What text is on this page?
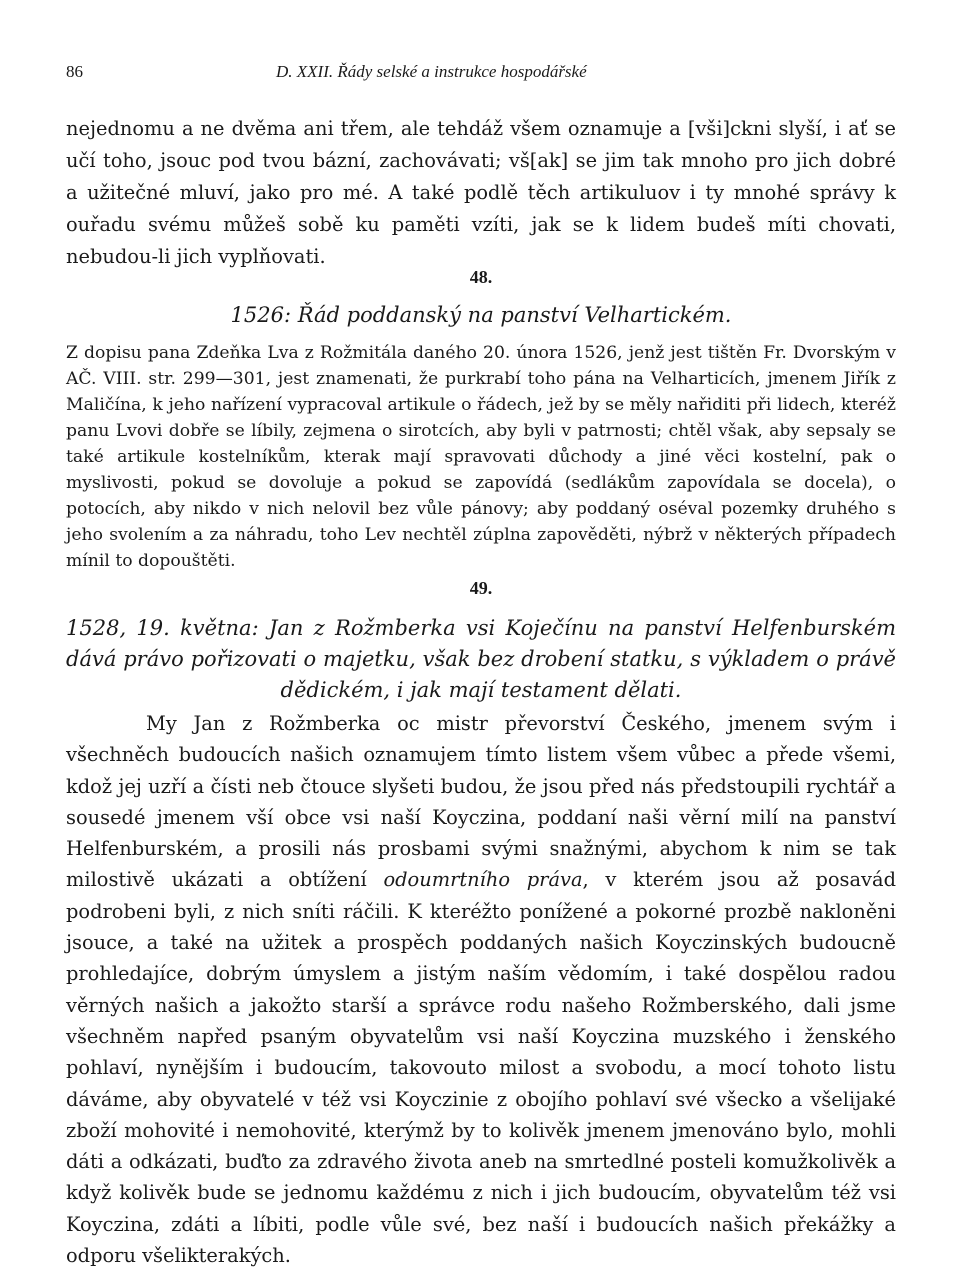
86	D. XXII. Řády selské a instrukce hospodářské

nejednomu a ne dvěma ani třem, ale tehdáž všem oznamuje a [vši]ckni slyší, i ať se učí toho, jsouc pod tvou bázní, zachovávati; vš[ak] se jim tak mnoho pro jich dobré a užitečné mluví, jako pro mé. A také podlě těch artikuluov i ty mnohé správy k ouřadu svému můžeš sobě ku paměti vzíti, jak se k lidem budeš míti chovati, nebudou-li jich vyplňovati.

48.

1526: Řád poddanský na panství Velhartickém.

Z dopisu pana Zdeňka Lva z Rožmitála daného 20. února 1526, jenž jest tištěn Fr. Dvorským v AČ. VIII. str. 299—301, jest znamenati, že purkrabí toho pána na Velharticích, jmenem Jiřík z Maličína, k jeho nařízení vypracoval artikule o řádech, jež by se měly nařiditi při lidech, kteréž panu Lvovi dobře se líbily, zejmena o sirotcích, aby byli v patrnosti; chtěl však, aby sepsaly se také artikule kostelníkům, kterak mají spravovati důchody a jiné věci kostelní, pak o myslivosti, pokud se dovoluje a pokud se zapovídá (sedlákům zapovídala se docela), o potocích, aby nikdo v nich nelovil bez vůle pánovy; aby poddaný oséval pozemky druhého s jeho svolením a za náhradu, toho Lev nechtěl zúplna zapověděti, nýbrž v některých případech mínil to dopouštěti.

49.

1528, 19. května: Jan z Rožmberka vsi Koječínu na panství Helfenburském dává právo pořizovati o majetku, však bez drobení statku, s výkladem o právě dědickém, i jak mají testament dělati.

My Jan z Rožmberka oc mistr převorství Českého, jmenem svým i všechněch budoucích našich oznamujem tímto listem všem vůbec a přede všemi, kdož jej uzří a čísti neb čtouce slyšeti budou, že jsou před nás předstoupili rychtář a sousedé jmenem vší obce vsi naší Koyczina, poddaní naši věrní milí na panství Helfenburském, a prosili nás prosbami svými snažnými, abychom k nim se tak milostivě ukázati a obtížení odoumrtního práva, v kterém jsou až posavád podrobeni byli, z nich sníti ráčili. K kteréžto ponížené a pokorné prozbě nakloněni jsouce, a také na užitek a prospěch poddaných našich Koyczinských budoucně prohledajíce, dobrým úmyslem a jistým naším vědomím, i také dospělou radou věrných našich a jakožto starší a správce rodu našeho Rožmberského, dali jsme všechněm napřed psaným obyvatelům vsi naší Koyczina muzského i ženského pohlaví, nynějším i budoucím, takovouto milost a svobodu, a mocí tohoto listu dáváme, aby obyvatelé v též vsi Koyczinie z obojího pohlaví své všecko a všelijaké zboží mohovité i nemohovité, kterýmž by to kolivěk jmenem jmenováno bylo, mohli dáti a odkázati, buďto za zdravého života aneb na smrtedlné posteli komužkolivěk a když kolivěk bude se jednomu každému z nich i jich budoucím, obyvatelům též vsi Koyczina, zdáti a líbiti, podle vůle své, bez naší i budoucích našich překážky a odporu všelikterakých.
